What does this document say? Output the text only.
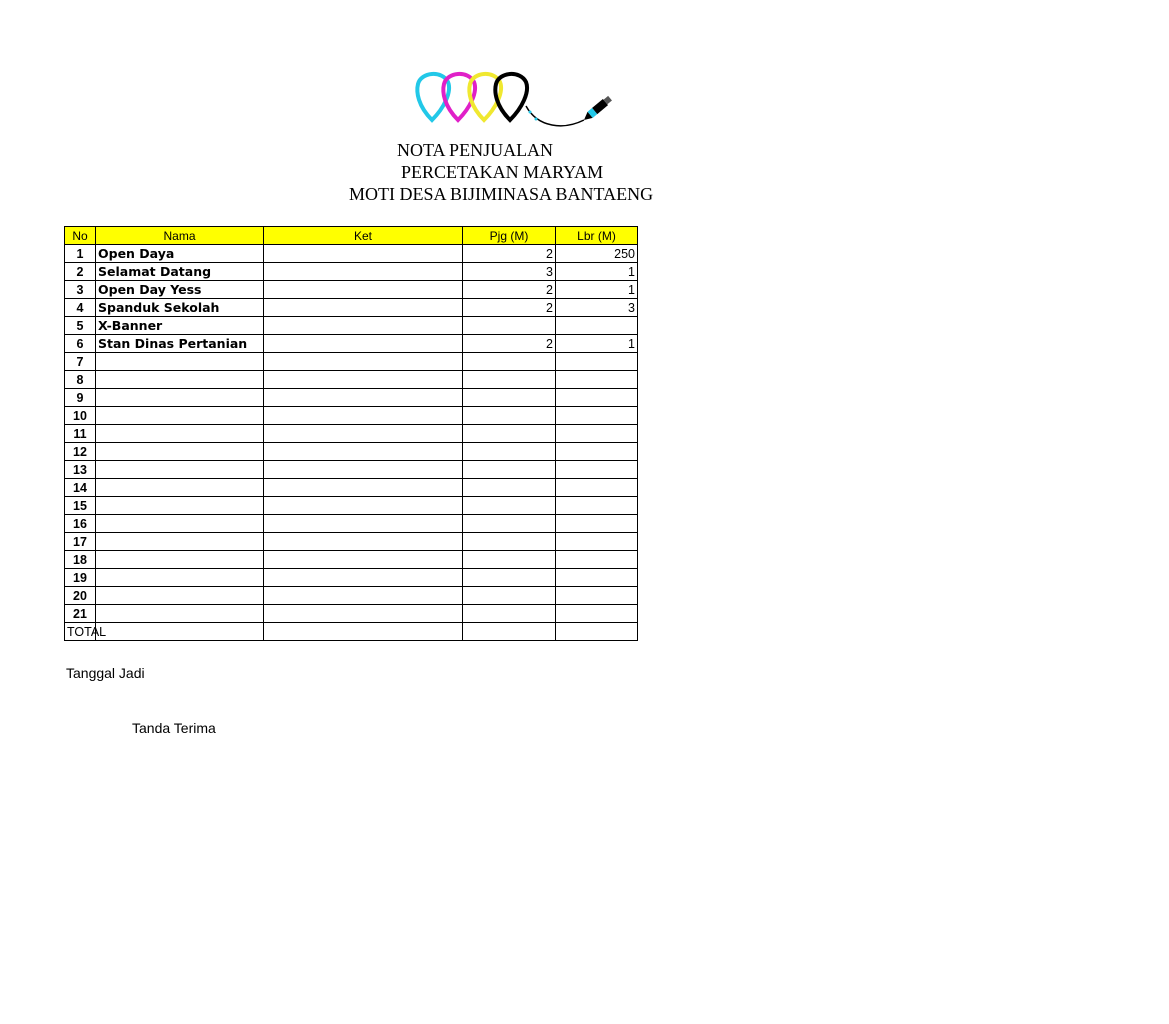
NOTA PENJUALAN
PERCETAKAN MARYAM
MOTI DESA BIJIMINASA BANTAENG
No	Nama	Ket	Pjg (M)	Lbr (M)
1	Open Daya		2	250
2	Selamat Datang		3	1
3	Open Day Yess		2	1
4	Spanduk Sekolah		2	3
5	X-Banner			
6	Stan Dinas Pertanian		2	1
7				
8				
9				
10				
11				
12				
13				
14				
15				
16				
17				
18				
19				
20				
21				
TOTAL				
Tanggal Jadi
Tanda Terima
